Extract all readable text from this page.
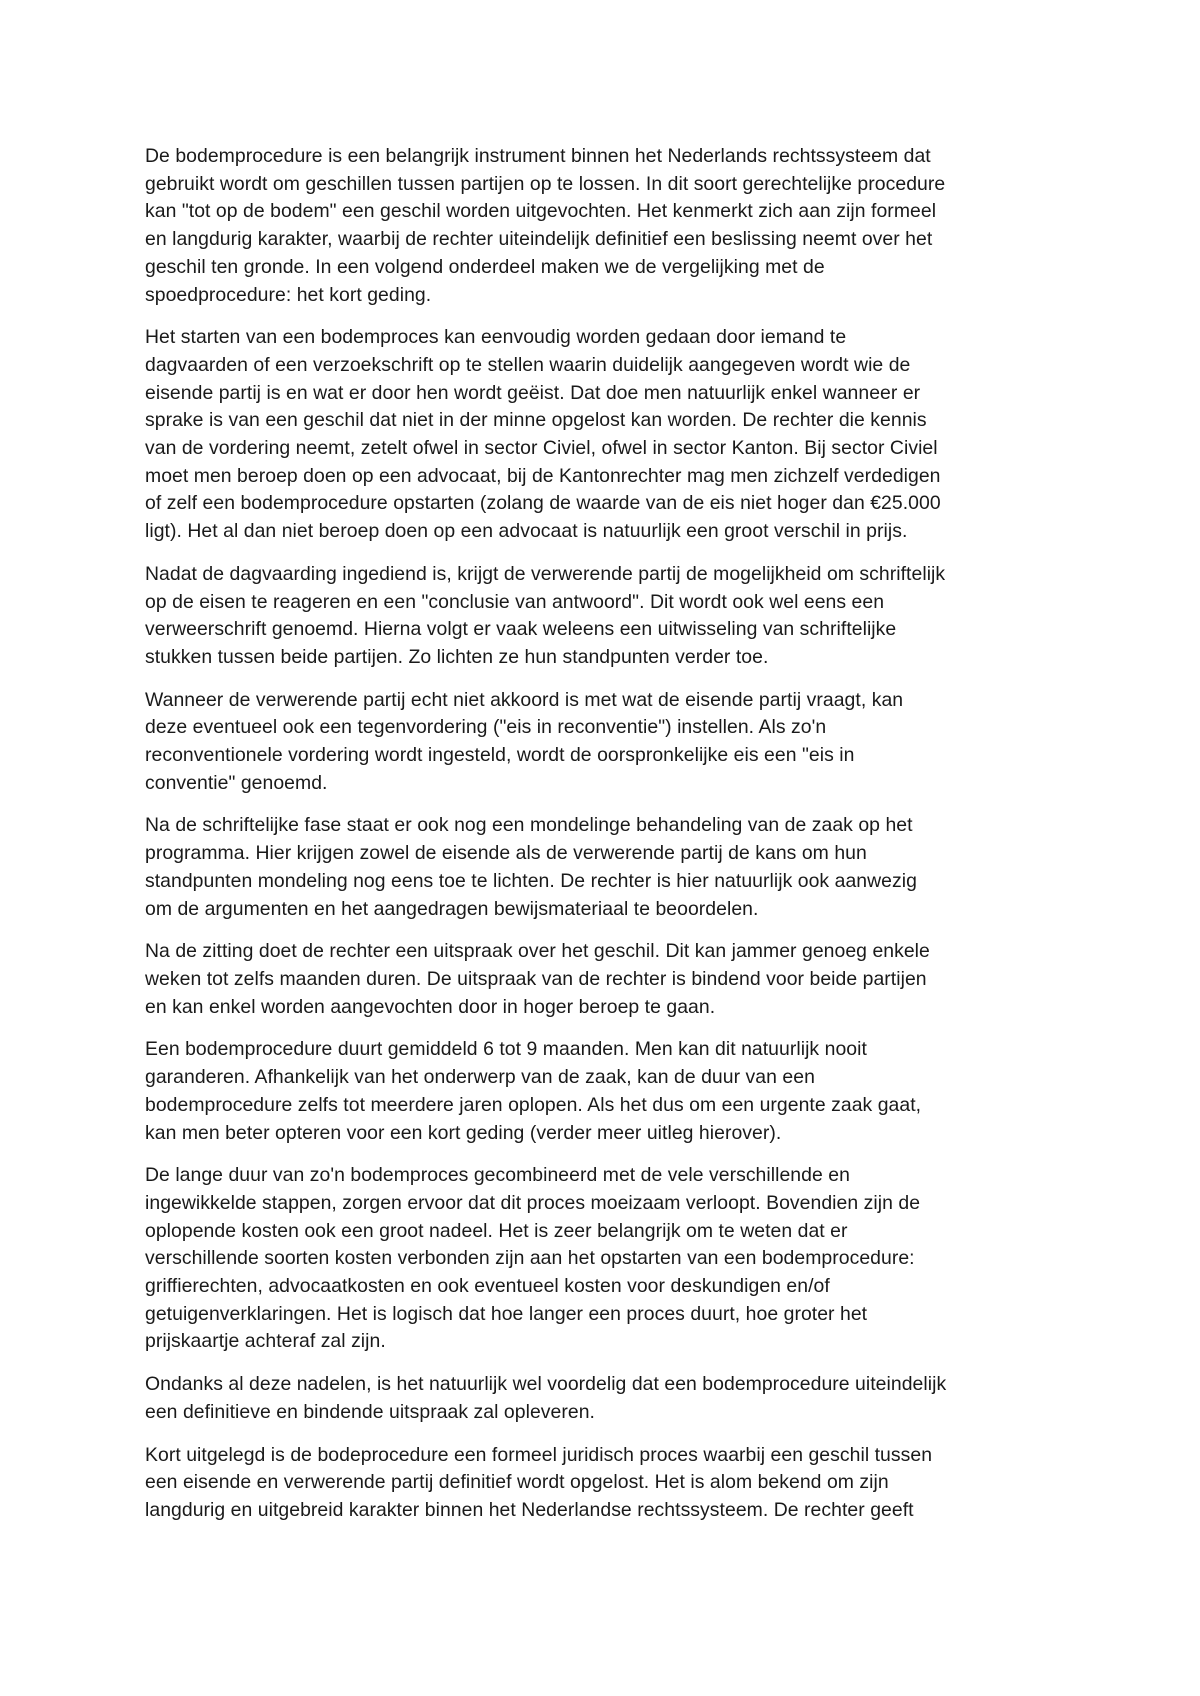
De bodemprocedure is een belangrijk instrument binnen het Nederlands rechtssysteem dat
gebruikt wordt om geschillen tussen partijen op te lossen. In dit soort gerechtelijke procedure
kan "tot op de bodem" een geschil worden uitgevochten. Het kenmerkt zich aan zijn formeel
en langdurig karakter, waarbij de rechter uiteindelijk definitief een beslissing neemt over het
geschil ten gronde. In een volgend onderdeel maken we de vergelijking met de
spoedprocedure: het kort geding.

Het starten van een bodemproces kan eenvoudig worden gedaan door iemand te
dagvaarden of een verzoekschrift op te stellen waarin duidelijk aangegeven wordt wie de
eisende partij is en wat er door hen wordt geëist. Dat doe men natuurlijk enkel wanneer er
sprake is van een geschil dat niet in der minne opgelost kan worden. De rechter die kennis
van de vordering neemt, zetelt ofwel in sector Civiel, ofwel in sector Kanton. Bij sector Civiel
moet men beroep doen op een advocaat, bij de Kantonrechter mag men zichzelf verdedigen
of zelf een bodemprocedure opstarten (zolang de waarde van de eis niet hoger dan €25.000
ligt). Het al dan niet beroep doen op een advocaat is natuurlijk een groot verschil in prijs.

Nadat de dagvaarding ingediend is, krijgt de verwerende partij de mogelijkheid om schriftelijk
op de eisen te reageren en een "conclusie van antwoord". Dit wordt ook wel eens een
verweerschrift genoemd. Hierna volgt er vaak weleens een uitwisseling van schriftelijke
stukken tussen beide partijen. Zo lichten ze hun standpunten verder toe.

Wanneer de verwerende partij echt niet akkoord is met wat de eisende partij vraagt, kan
deze eventueel ook een tegenvordering ("eis in reconventie") instellen. Als zo'n
reconventionele vordering wordt ingesteld, wordt de oorspronkelijke eis een "eis in
conventie" genoemd.

Na de schriftelijke fase staat er ook nog een mondelinge behandeling van de zaak op het
programma. Hier krijgen zowel de eisende als de verwerende partij de kans om hun
standpunten mondeling nog eens toe te lichten. De rechter is hier natuurlijk ook aanwezig
om de argumenten en het aangedragen bewijsmateriaal te beoordelen.

Na de zitting doet de rechter een uitspraak over het geschil. Dit kan jammer genoeg enkele
weken tot zelfs maanden duren. De uitspraak van de rechter is bindend voor beide partijen
en kan enkel worden aangevochten door in hoger beroep te gaan.

Een bodemprocedure duurt gemiddeld 6 tot 9 maanden. Men kan dit natuurlijk nooit
garanderen. Afhankelijk van het onderwerp van de zaak, kan de duur van een
bodemprocedure zelfs tot meerdere jaren oplopen. Als het dus om een urgente zaak gaat,
kan men beter opteren voor een kort geding (verder meer uitleg hierover).

De lange duur van zo'n bodemproces gecombineerd met de vele verschillende en
ingewikkelde stappen, zorgen ervoor dat dit proces moeizaam verloopt. Bovendien zijn de
oplopende kosten ook een groot nadeel. Het is zeer belangrijk om te weten dat er
verschillende soorten kosten verbonden zijn aan het opstarten van een bodemprocedure:
griffierechten, advocaatkosten en ook eventueel kosten voor deskundigen en/of
getuigenverklaringen. Het is logisch dat hoe langer een proces duurt, hoe groter het
prijskaartje achteraf zal zijn.

Ondanks al deze nadelen, is het natuurlijk wel voordelig dat een bodemprocedure uiteindelijk
een definitieve en bindende uitspraak zal opleveren.

Kort uitgelegd is de bodeprocedure een formeel juridisch proces waarbij een geschil tussen
een eisende en verwerende partij definitief wordt opgelost. Het is alom bekend om zijn
langdurig en uitgebreid karakter binnen het Nederlandse rechtssysteem. De rechter geeft
